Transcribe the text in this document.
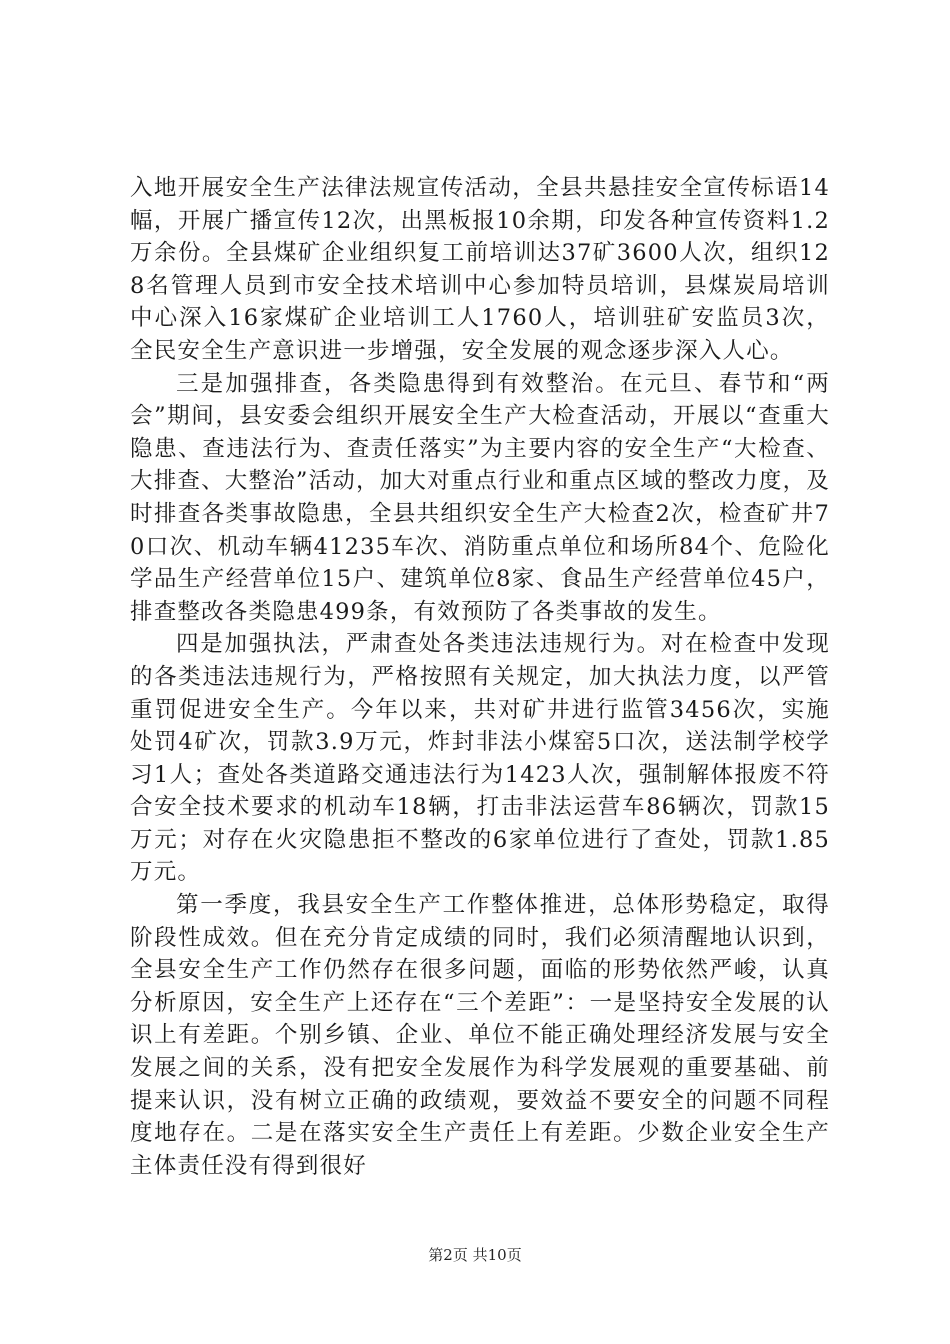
入地开展安全生产法律法规宣传活动，全县共悬挂安全宣传标语14幅，开展广播宣传12次，出黑板报10余期，印发各种宣传资料1.2万余份。全县煤矿企业组织复工前培训达37矿3600人次，组织128名管理人员到市安全技术培训中心参加特员培训，县煤炭局培训中心深入16家煤矿企业培训工人1760人，培训驻矿安监员3次，全民安全生产意识进一步增强，安全发展的观念逐步深入人心。

三是加强排查，各类隐患得到有效整治。在元旦、春节和“两会”期间，县安委会组织开展安全生产大检查活动，开展以“查重大隐患、查违法行为、查责任落实”为主要内容的安全生产“大检查、大排查、大整治”活动，加大对重点行业和重点区域的整改力度，及时排查各类事故隐患，全县共组织安全生产大检查2次，检查矿井70口次、机动车辆41235车次、消防重点单位和场所84个、危险化学品生产经营单位15户、建筑单位8家、食品生产经营单位45户，排查整改各类隐患499条，有效预防了各类事故的发生。

四是加强执法，严肃查处各类违法违规行为。对在检查中发现的各类违法违规行为，严格按照有关规定，加大执法力度，以严管重罚促进安全生产。今年以来，共对矿井进行监管3456次，实施处罚4矿次，罚款3.9万元，炸封非法小煤窑5口次，送法制学校学习1人；查处各类道路交通违法行为1423人次，强制解体报废不符合安全技术要求的机动车18辆，打击非法运营车86辆次，罚款15万元；对存在火灾隐患拒不整改的6家单位进行了查处，罚款1.85万元。

第一季度，我县安全生产工作整体推进，总体形势稳定，取得阶段性成效。但在充分肯定成绩的同时，我们必须清醒地认识到，全县安全生产工作仍然存在很多问题，面临的形势依然严峻，认真分析原因，安全生产上还存在“三个差距”：一是坚持安全发展的认识上有差距。个别乡镇、企业、单位不能正确处理经济发展与安全发展之间的关系，没有把安全发展作为科学发展观的重要基础、前提来认识，没有树立正确的政绩观，要效益不要安全的问题不同程度地存在。二是在落实安全生产责任上有差距。少数企业安全生产主体责任没有得到很好

第2页 共10页
